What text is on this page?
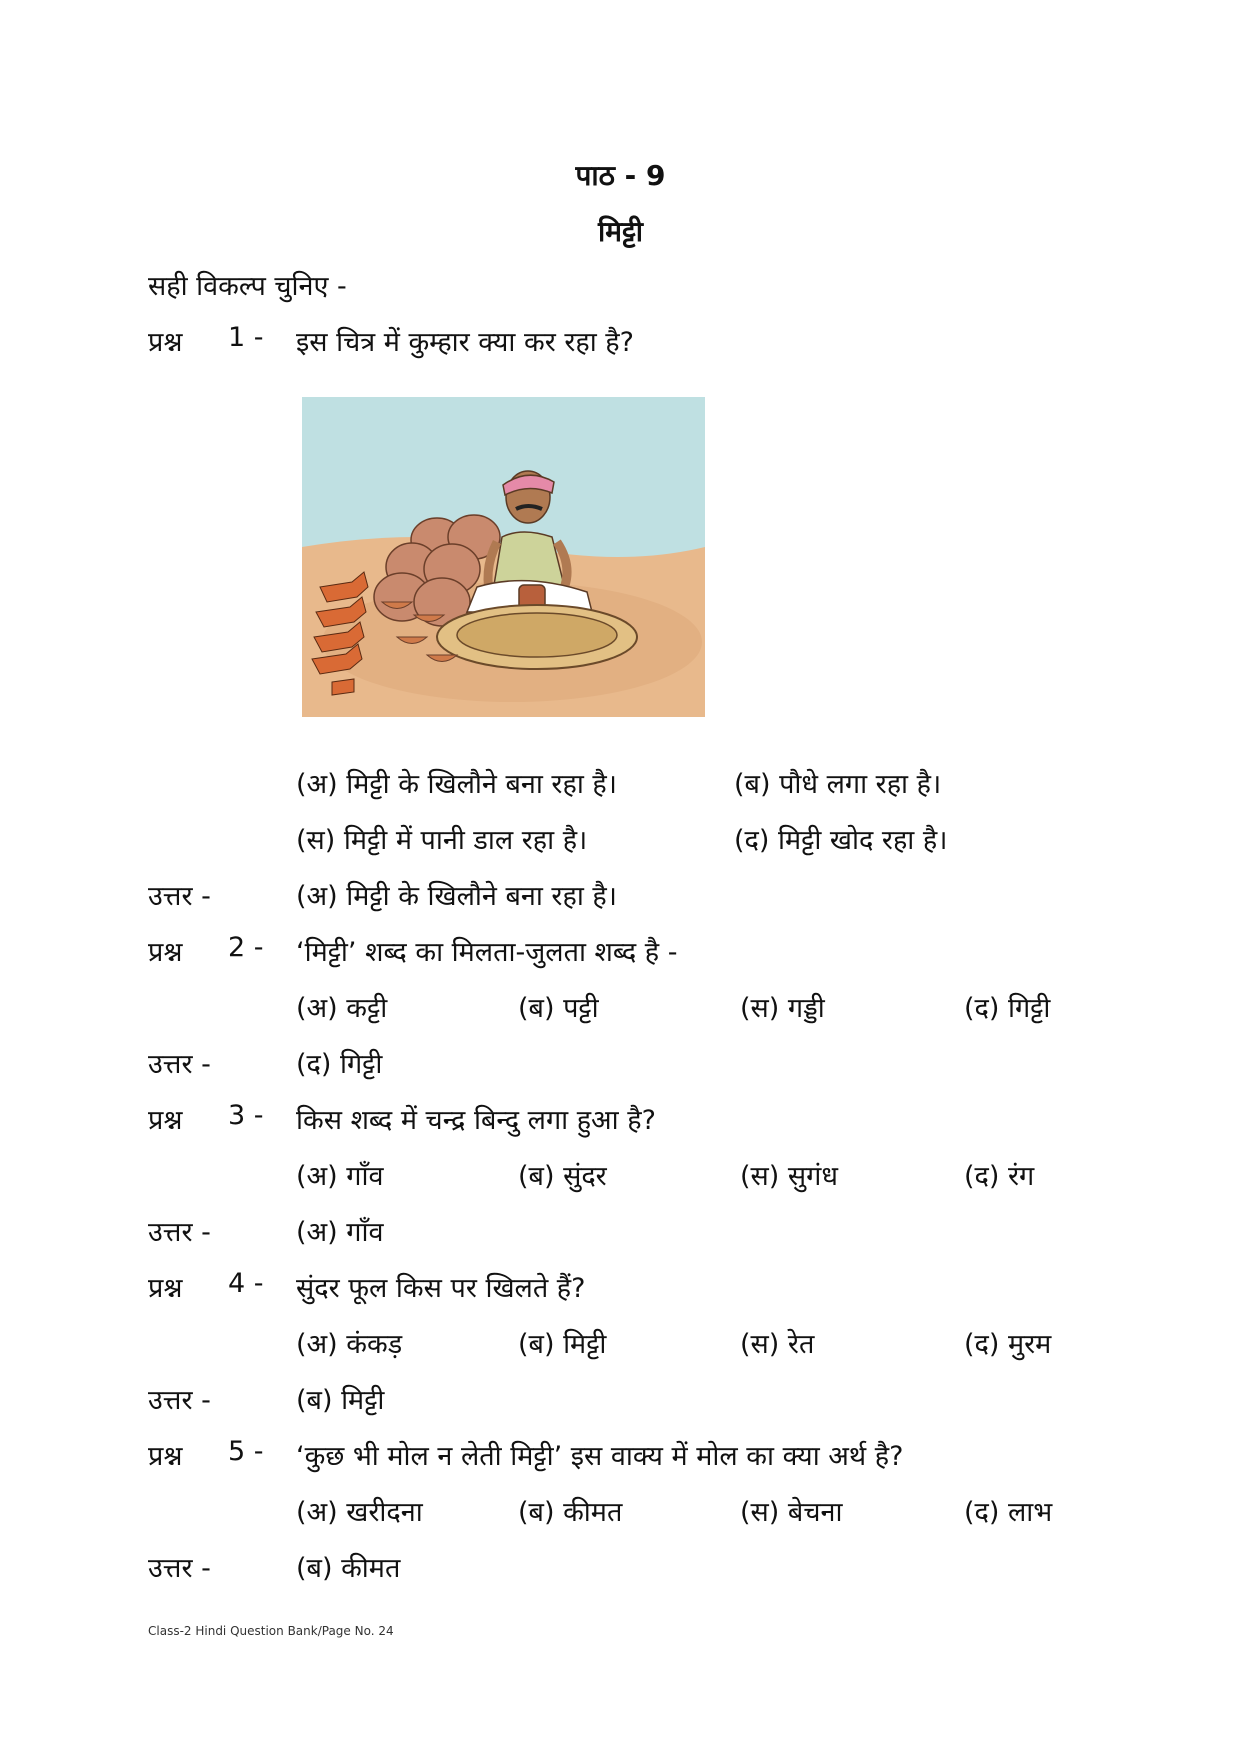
पाठ - 9
मिट्टी
सही विकल्प चुनिए -
प्रश्न 1 - इस चित्र में कुम्हार क्या कर रहा है?
(अ) मिट्टी के खिलौने बना रहा है।	(ब) पौधे लगा रहा है।
(स) मिट्टी में पानी डाल रहा है।	(द) मिट्टी खोद रहा है।
उत्तर -	(अ) मिट्टी के खिलौने बना रहा है।
प्रश्न 2 - ‘मिट्टी’ शब्द का मिलता-जुलता शब्द है -
(अ) कट्टी	(ब) पट्टी	(स) गड्डी	(द) गिट्टी
उत्तर -	(द) गिट्टी
प्रश्न 3 - किस शब्द में चन्द्र बिन्दु लगा हुआ है?
(अ) गाँव	(ब) सुंदर	(स) सुगंध	(द) रंग
उत्तर -	(अ) गाँव
प्रश्न 4 - सुंदर फूल किस पर खिलते हैं?
(अ) कंकड़	(ब) मिट्टी	(स) रेत	(द) मुरम
उत्तर -	(ब) मिट्टी
प्रश्न 5 - ‘कुछ भी मोल न लेती मिट्टी’ इस वाक्य में मोल का क्या अर्थ है?
(अ) खरीदना	(ब) कीमत	(स) बेचना	(द) लाभ
उत्तर -	(ब) कीमत
Class-2 Hindi Question Bank/Page No. 24
